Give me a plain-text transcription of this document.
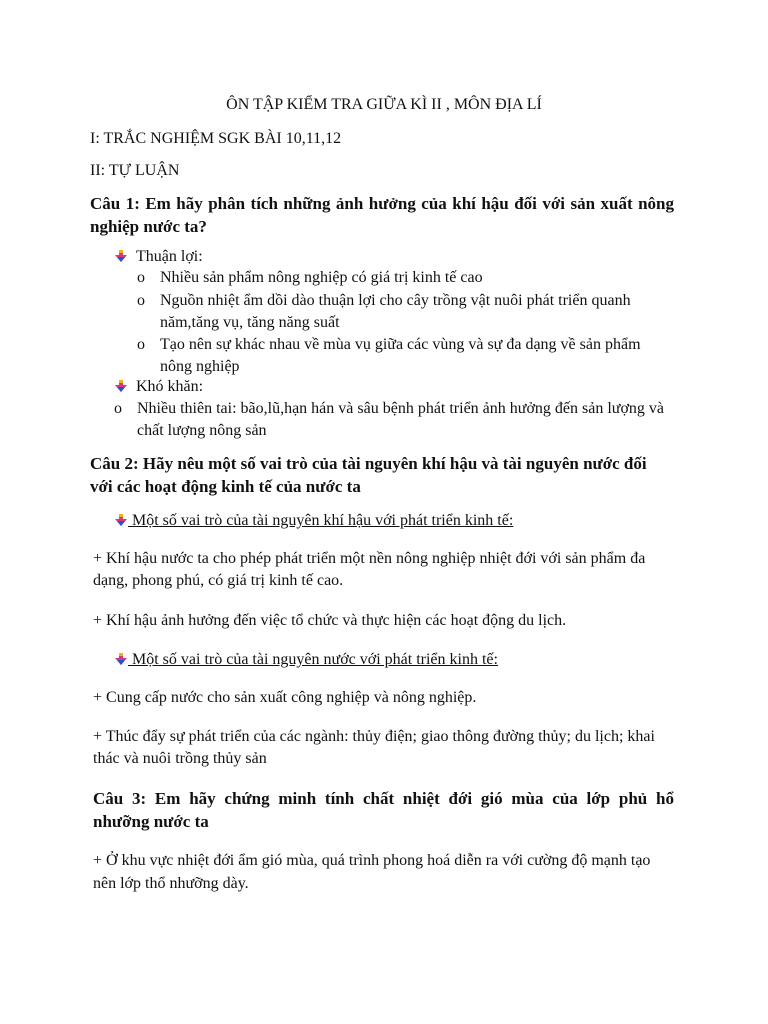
ÔN TẬP KIỂM TRA GIỮA KÌ II , MÔN ĐỊA LÍ
I: TRẮC NGHIỆM SGK BÀI 10,11,12
II: TỰ LUẬN
Câu 1: Em hãy phân tích những ảnh hưởng của khí hậu đối với sản xuất nông
nghiệp nước ta?
Thuận lợi:
o Nhiều sản phẩm nông nghiệp có giá trị kinh tế cao
o Nguồn nhiệt ẩm dồi dào thuận lợi cho cây trồng vật nuôi phát triển quanh
năm,tăng vụ, tăng năng suất
o Tạo nên sự khác nhau về mùa vụ giữa các vùng và sự đa dạng về sản phẩm
nông nghiệp
Khó khăn:
o Nhiều thiên tai: bão,lũ,hạn hán và sâu bệnh phát triển ảnh hưởng đến sản lượng và
chất lượng nông sản
Câu 2: Hãy nêu một số vai trò của tài nguyên khí hậu và tài nguyên nước đối
với các hoạt động kinh tế của nước ta
Một số vai trò của tài nguyên khí hậu với phát triển kinh tế:
+ Khí hậu nước ta cho phép phát triển một nền nông nghiệp nhiệt đới với sản phẩm đa
dạng, phong phú, có giá trị kinh tế cao.
+ Khí hậu ảnh hưởng đến việc tổ chức và thực hiện các hoạt động du lịch.
Một số vai trò của tài nguyên nước với phát triển kinh tế:
+ Cung cấp nước cho sản xuất công nghiệp và nông nghiệp.
+ Thúc đẩy sự phát triển của các ngành: thủy điện; giao thông đường thủy; du lịch; khai
thác và nuôi trồng thủy sản
Câu 3: Em hãy chứng minh tính chất nhiệt đới gió mùa của lớp phủ hổ
nhưỡng nước ta
+ Ở khu vực nhiệt đới ẩm gió mùa, quá trình phong hoá diễn ra với cường độ mạnh tạo
nên lớp thổ nhưỡng dày.
